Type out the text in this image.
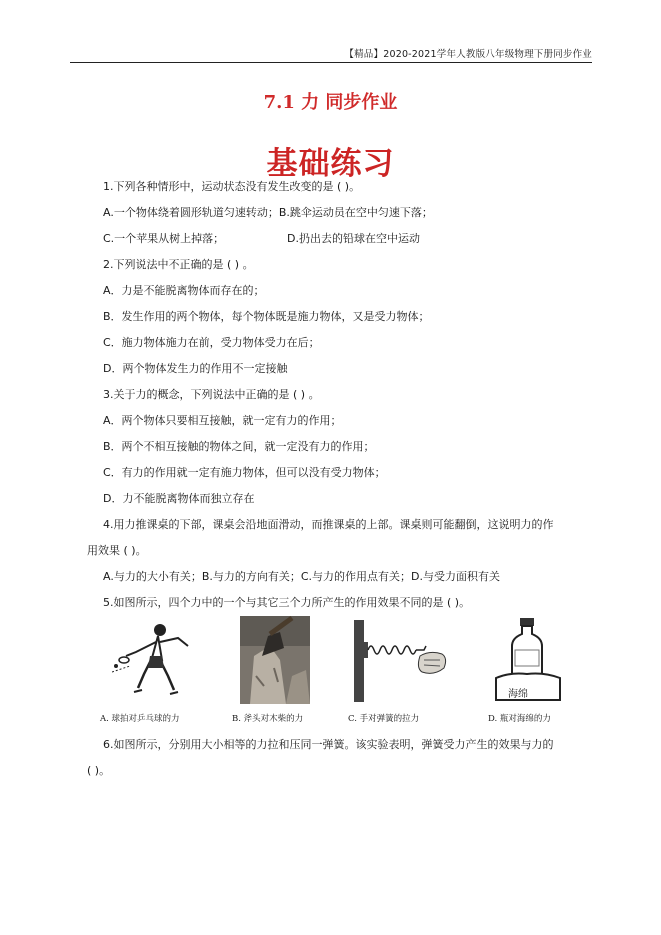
【精品】2020-2021学年人教版八年级物理下册同步作业
7.1 力 同步作业
基础练习
1.下列各种情形中，运动状态没有发生改变的是 ( )。
A.一个物体绕着圆形轨道匀速转动；B.跳伞运动员在空中匀速下落；
C.一个苹果从树上掉落；	D.扔出去的铅球在空中运动
2.下列说法中不正确的是 ( ) 。
A．力是不能脱离物体而存在的；
B．发生作用的两个物体，每个物体既是施力物体，又是受力物体；
C．施力物体施力在前，受力物体受力在后；
D．两个物体发生力的作用不一定接触
3.关于力的概念，下列说法中正确的是 ( ) 。
A．两个物体只要相互接触，就一定有力的作用；
B．两个不相互接触的物体之间，就一定没有力的作用；
C．有力的作用就一定有施力物体，但可以没有受力物体；
D．力不能脱离物体而独立存在
4.用力推课桌的下部，课桌会沿地面滑动，而推课桌的上部。课桌则可能翻倒，这说明力的作
用效果 ( )。
A.与力的大小有关；B.与力的方向有关；C.与力的作用点有关；D.与受力面积有关
5.如图所示，四个力中的一个与其它三个力所产生的作用效果不同的是 ( )。
A. 球拍对乒乓球的力	B. 斧头对木柴的力	C. 手对弹簧的拉力
海绵
D. 瓶对海绵的力
6.如图所示，分别用大小相等的力拉和压同一弹簧。该实验表明，弹簧受力产生的效果与力的
( )。
